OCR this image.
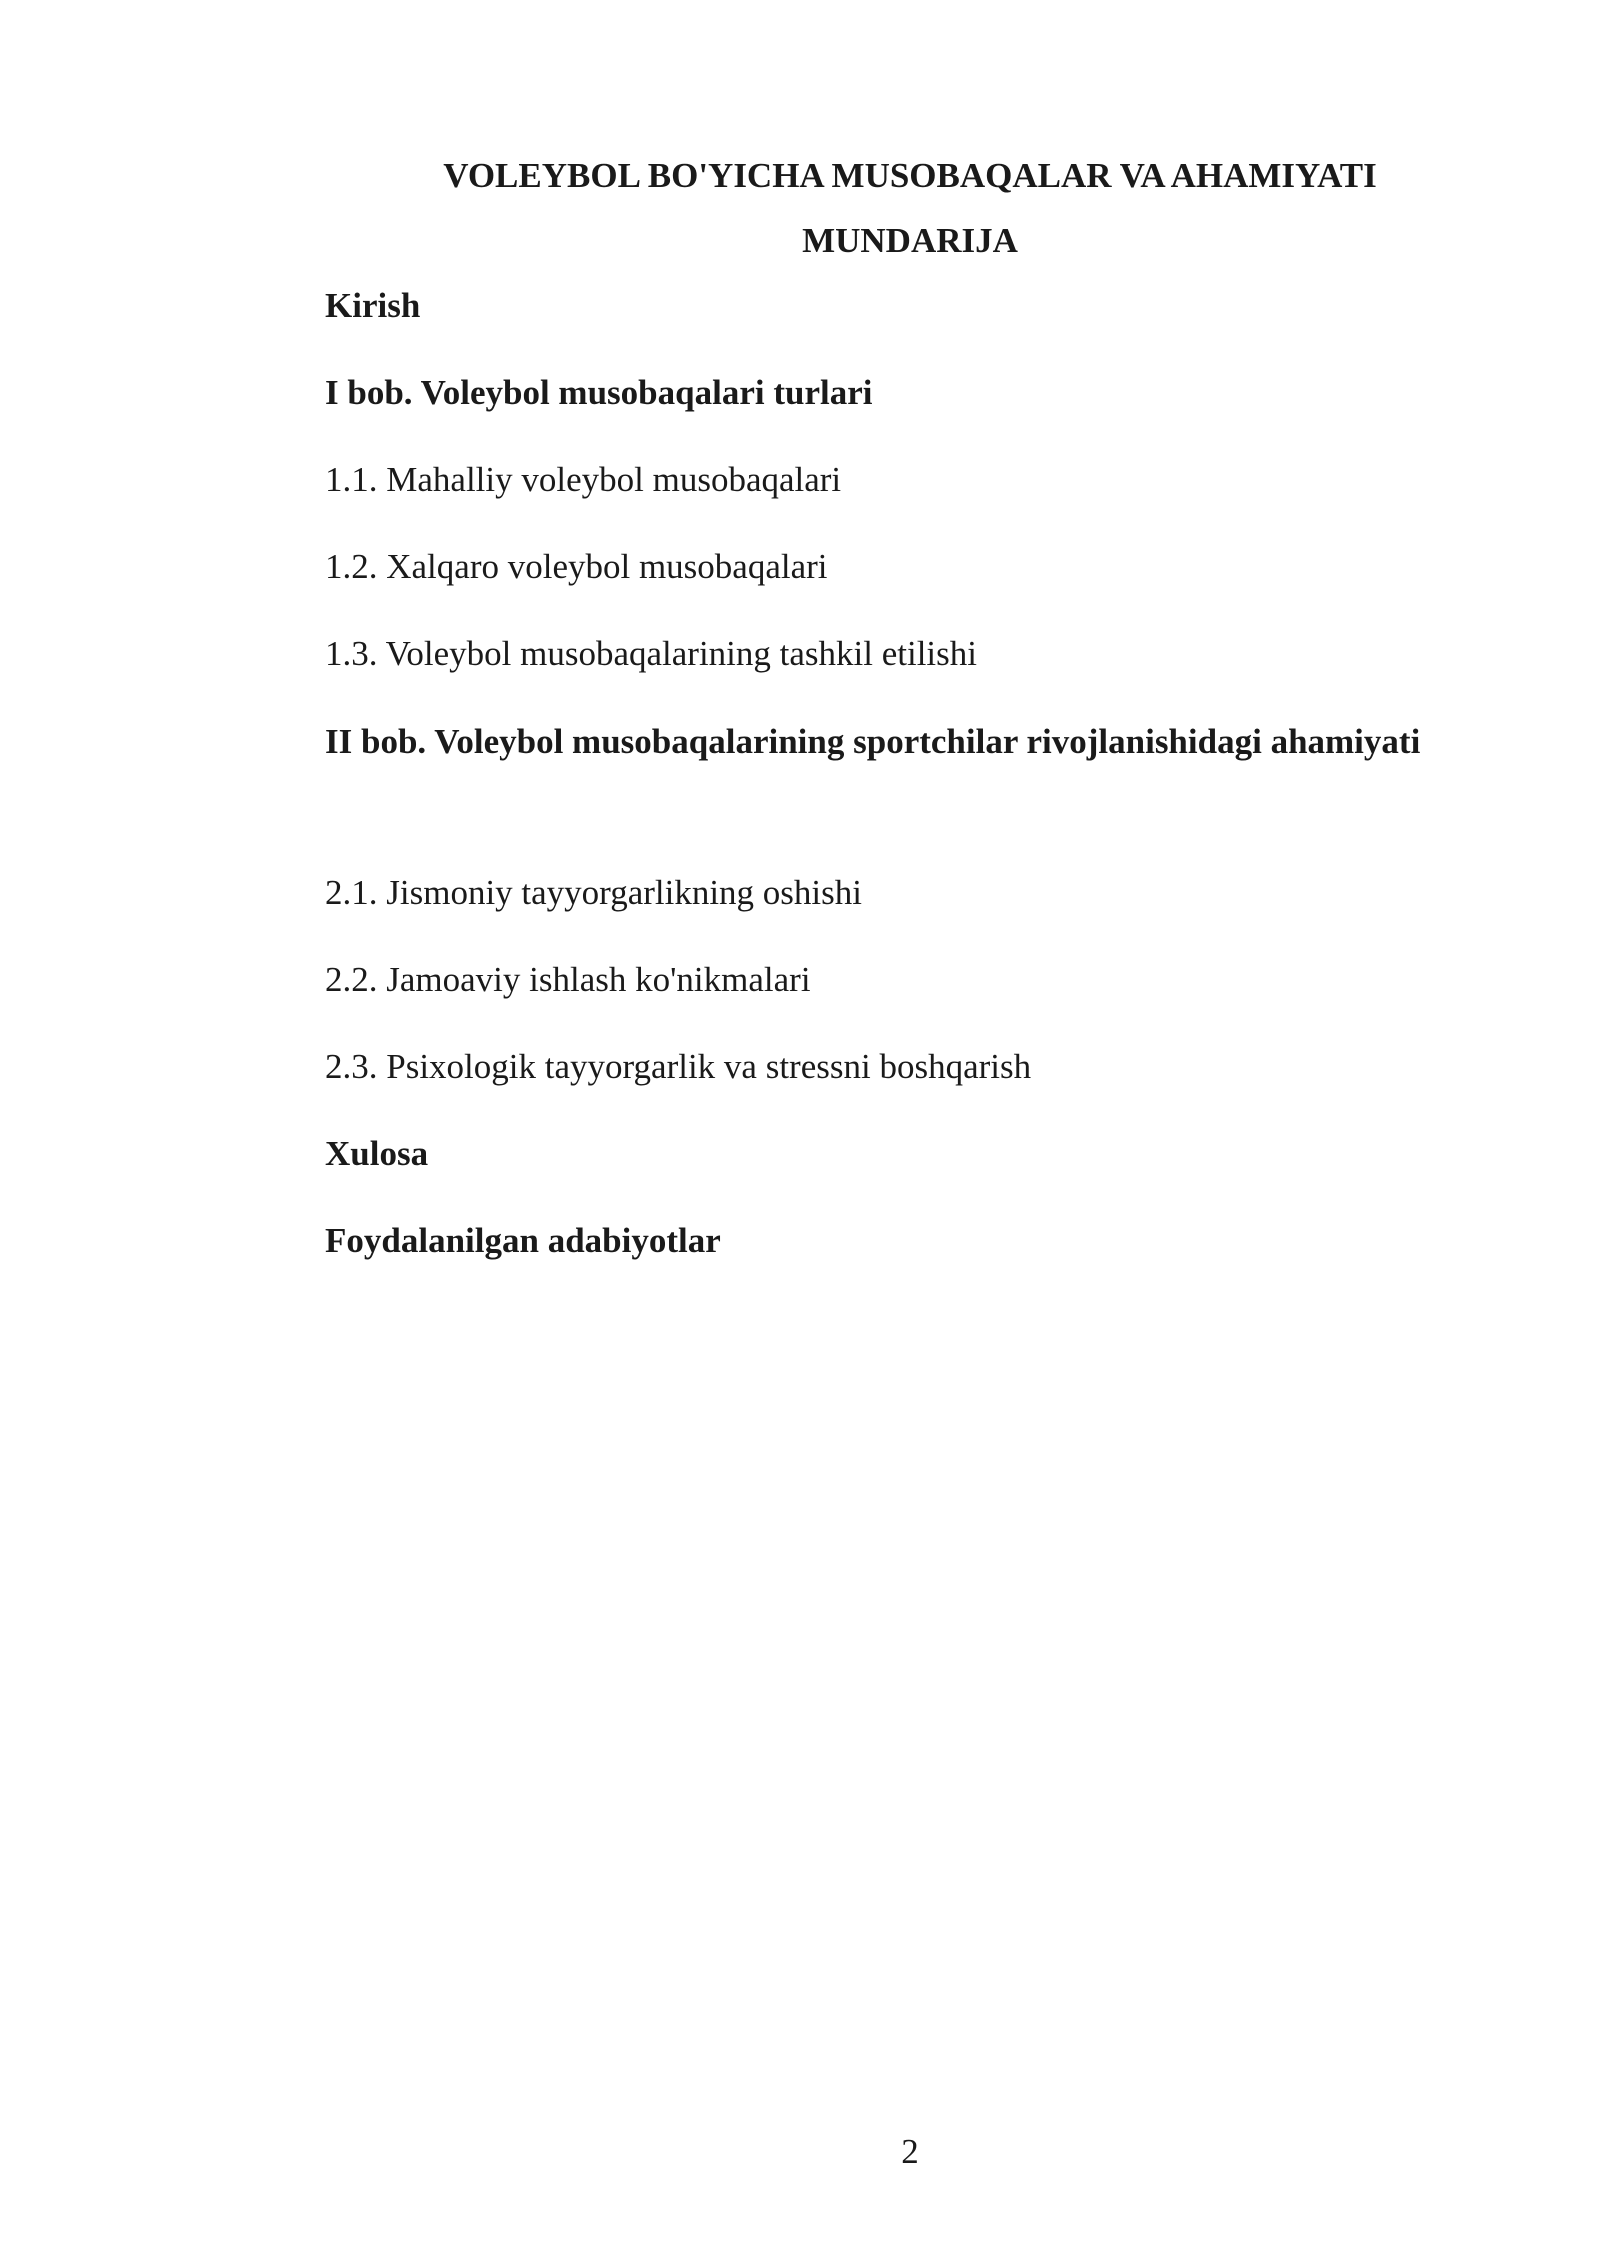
VOLEYBOL BO'YICHA MUSOBAQALAR VA AHAMIYATI
MUNDARIJA
Kirish
I bob. Voleybol musobaqalari turlari
1.1. Mahalliy voleybol musobaqalari
1.2. Xalqaro voleybol musobaqalari
1.3. Voleybol musobaqalarining tashkil etilishi
II bob. Voleybol musobaqalarining sportchilar rivojlanishidagi ahamiyati
2.1. Jismoniy tayyorgarlikning oshishi
2.2. Jamoaviy ishlash ko'nikmalari
2.3. Psixologik tayyorgarlik va stressni boshqarish
Xulosa
Foydalanilgan adabiyotlar
2
